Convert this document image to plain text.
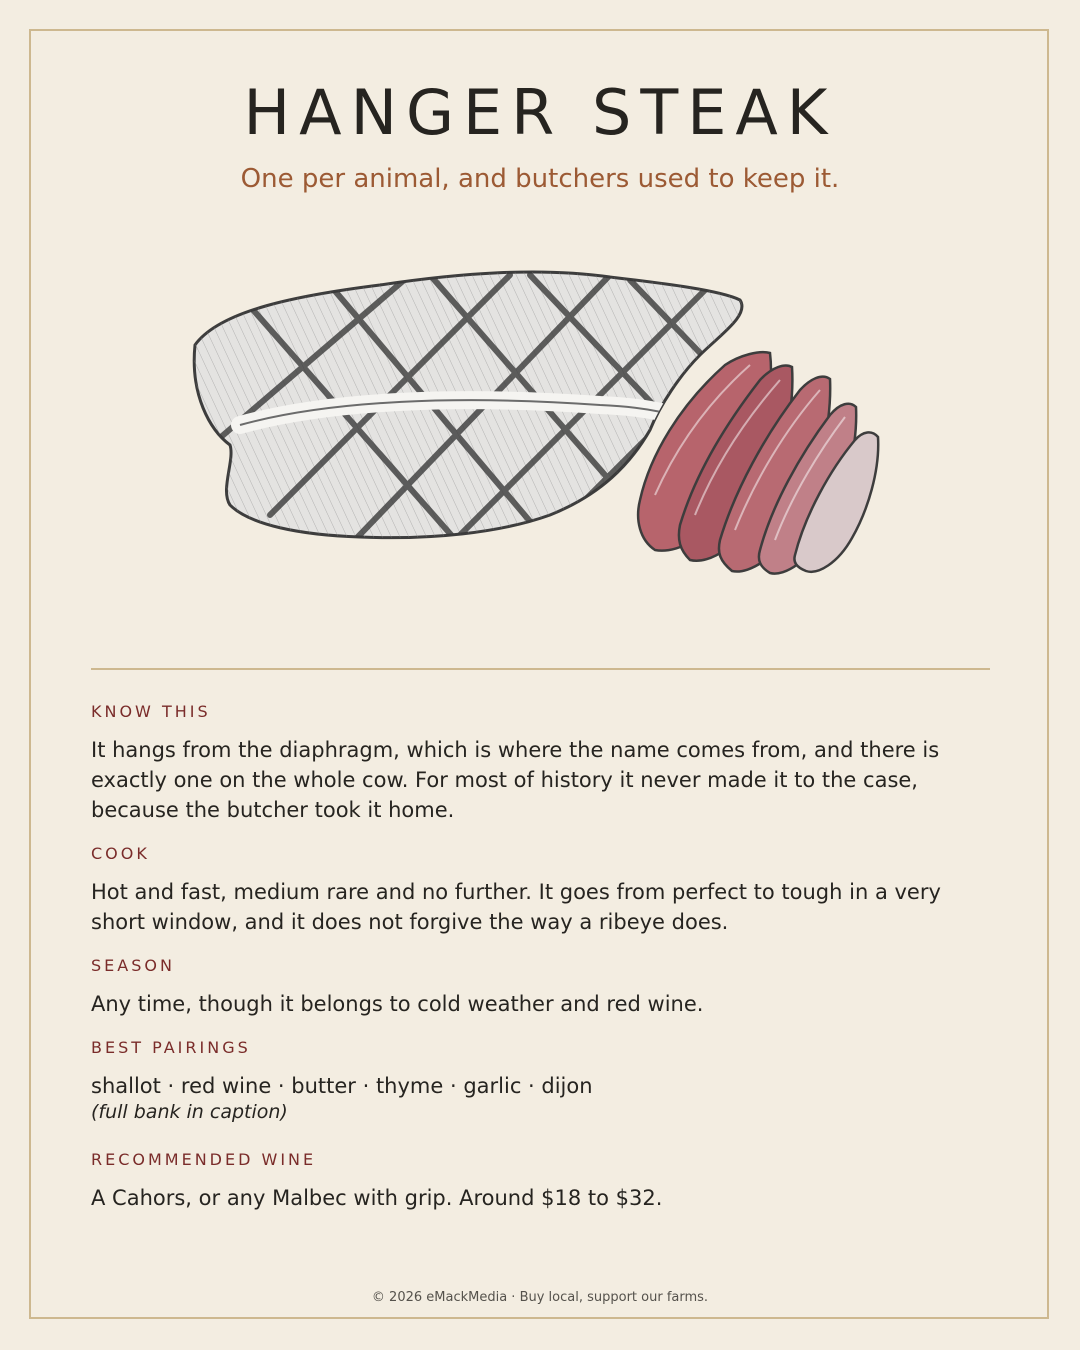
HANGER STEAK
One per animal, and butchers used to keep it.
KNOW THIS
It hangs from the diaphragm, which is where the name comes from, and there is exactly one on the whole cow. For most of history it never made it to the case, because the butcher took it home.
COOK
Hot and fast, medium rare and no further. It goes from perfect to tough in a very short window, and it does not forgive the way a ribeye does.
SEASON
Any time, though it belongs to cold weather and red wine.
BEST PAIRINGS
shallot · red wine · butter · thyme · garlic · dijon
(full bank in caption)
RECOMMENDED WINE
A Cahors, or any Malbec with grip. Around $18 to $32.
© 2026 eMackMedia · Buy local, support our farms.
